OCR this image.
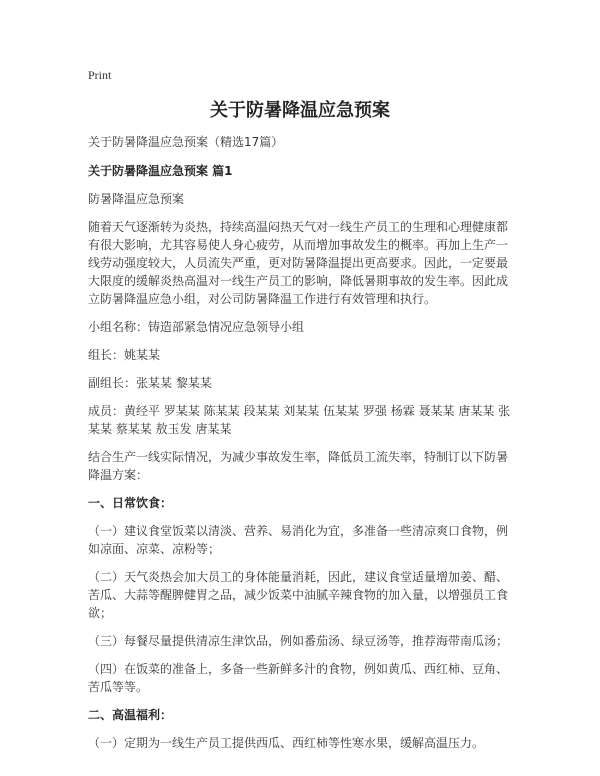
Print
关于防暑降温应急预案
关于防暑降温应急预案（精选17篇）
关于防暑降温应急预案 篇1
防暑降温应急预案
随着天气逐渐转为炎热，持续高温闷热天气对一线生产员工的生理和心理健康都有很大影响，尤其容易使人身心疲劳，从而增加事故发生的概率。再加上生产一线劳动强度较大，人员流失严重，更对防暑降温提出更高要求。因此，一定要最大限度的缓解炎热高温对一线生产员工的影响，降低暑期事故的发生率。因此成立防暑降温应急小组，对公司防暑降温工作进行有效管理和执行。
小组名称：铸造部紧急情况应急领导小组
组长：姚某某
副组长：张某某 黎某某
成员：黄经平 罗某某 陈某某 段某某 刘某某 伍某某 罗强 杨霖 聂某某 唐某某 张某某 蔡某某 敖玉发 唐某某
结合生产一线实际情况，为减少事故发生率，降低员工流失率，特制订以下防暑降温方案：
一、日常饮食：
（一）建议食堂饭菜以清淡、营养、易消化为宜，多准备一些清凉爽口食物，例如凉面、凉菜、凉粉等；
（二）天气炎热会加大员工的身体能量消耗，因此，建议食堂适量增加姜、醋、苦瓜、大蒜等醒脾健胃之品，减少饭菜中油腻辛辣食物的加入量，以增强员工食欲；
（三）每餐尽量提供清凉生津饮品，例如番茄汤、绿豆汤等，推荐海带南瓜汤；
（四）在饭菜的准备上，多备一些新鲜多汁的食物，例如黄瓜、西红柿、豆角、苦瓜等等。
二、高温福利：
（一）定期为一线生产员工提供西瓜、西红柿等性寒水果，缓解高温压力。
